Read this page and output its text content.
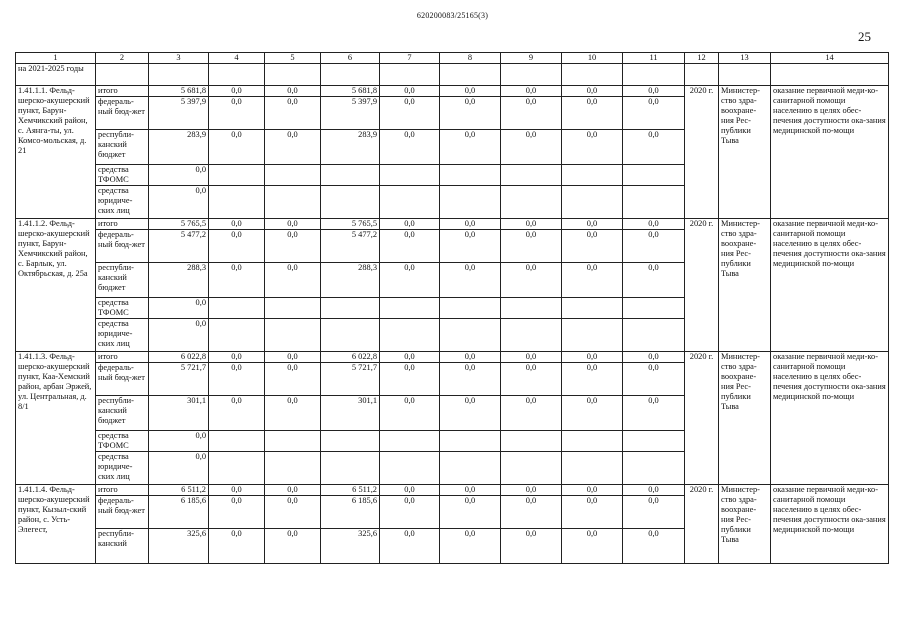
620200083/25165(3)
25
1	2	3	4	5	6	7	8	9	10	11	12	13	14
на 2021-2025 годы													
1.41.1.1. Фельд-шерско-акушерский пункт, Барун-Хемчикский район, с. Аянга-ты, ул. Комсо-мольская, д. 21	итого	5 681,8	0,0	0,0	5 681,8	0,0	0,0	0,0	0,0	0,0	2020 г.	Министер-ство здра-воохране-ния Рес-публики Тыва	оказание первичной меди-ко-санитарной помощи населению в целях обес-печения доступности ока-зания медицинской по-мощи
	федераль-ный бюд-жет	5 397,9	0,0	0,0	5 397,9	0,0	0,0	0,0	0,0	0,0			
	республи-канский бюджет	283,9	0,0	0,0	283,9	0,0	0,0	0,0	0,0	0,0			
	средства ТФОМС	0,0											
	средства юридиче-ских лиц	0,0											
1.41.1.2. Фельд-шерско-акушерский пункт, Барун-Хемчикский район, с. Барлык, ул. Октябрьская, д. 25а	итого	5 765,5	0,0	0,0	5 765,5	0,0	0,0	0,0	0,0	0,0	2020 г.	Министер-ство здра-воохране-ния Рес-публики Тыва	оказание первичной меди-ко-санитарной помощи населению в целях обес-печения доступности ока-зания медицинской по-мощи
	федераль-ный бюд-жет	5 477,2	0,0	0,0	5 477,2	0,0	0,0	0,0	0,0	0,0			
	республи-канский бюджет	288,3	0,0	0,0	288,3	0,0	0,0	0,0	0,0	0,0			
	средства ТФОМС	0,0											
	средства юридиче-ских лиц	0,0											
1.41.1.3. Фельд-шерско-акушерский пункт, Каа-Хемский район, арбан Эржей, ул. Центральная, д. 8/1	итого	6 022,8	0,0	0,0	6 022,8	0,0	0,0	0,0	0,0	0,0	2020 г.	Министер-ство здра-воохране-ния Рес-публики Тыва	оказание первичной меди-ко-санитарной помощи населению в целях обес-печения доступности ока-зания медицинской по-мощи
	федераль-ный бюд-жет	5 721,7	0,0	0,0	5 721,7	0,0	0,0	0,0	0,0	0,0			
	республи-канский бюджет	301,1	0,0	0,0	301,1	0,0	0,0	0,0	0,0	0,0			
	средства ТФОМС	0,0											
	средства юридиче-ских лиц	0,0											
1.41.1.4. Фельд-шерско-акушерский пункт, Кызыл-ский район, с. Усть-Элегест,	итого	6 511,2	0,0	0,0	6 511,2	0,0	0,0	0,0	0,0	0,0	2020 г.	Министер-ство здра-воохране-ния Рес-публики Тыва	оказание первичной меди-ко-санитарной помощи населению в целях обес-печения доступности ока-зания медицинской по-мощи
	федераль-ный бюд-жет	6 185,6	0,0	0,0	6 185,6	0,0	0,0	0,0	0,0	0,0			
	республи-канский	325,6	0,0	0,0	325,6	0,0	0,0	0,0	0,0	0,0			
